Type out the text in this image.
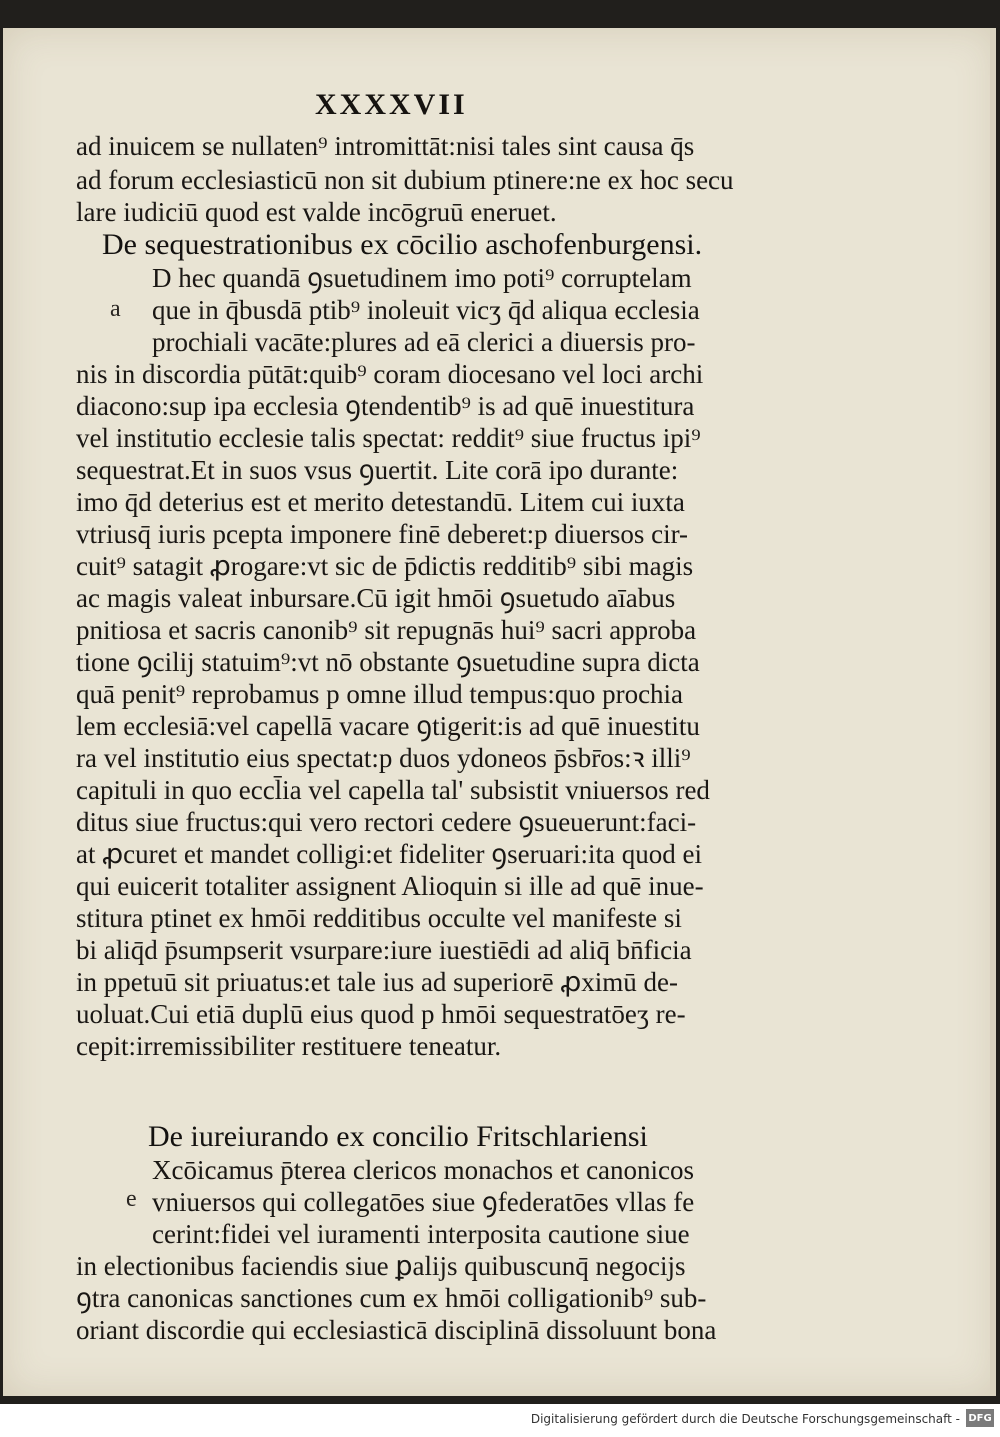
XXXXVII
ad inuicem se nullaten⁹ intromittāt:nisi tales sint causa q̄s
ad forum ecclesiasticū non sit dubium ptinere:ne ex hoc secu
lare iudiciū quod est valde incōgruū eneruet.
De sequestrationibus ex cōcilio aschofenburgensi.
a
D hec quandā ꝯsuetudinem imo poti⁹ corruptelam
que in q̄busdā ptib⁹ inoleuit vicʒ q̄d aliqua ecclesia
prochiali vacāte:plures ad eā clerici a diuersis pro-
nis in discordia pūtāt:quib⁹ coram diocesano vel loci archi
diacono:sup ipa ecclesia ꝯtendentib⁹ is ad quē inuestitura
vel institutio ecclesie talis spectat: reddit⁹ siue fructus ipi⁹
sequestrat.Et in suos vsus ꝯuertit. Lite corā ipo durante:
imo q̄d deterius est et merito detestandū. Litem cui iuxta
vtriusq̄ iuris pcepta imponere finē deberet:p diuersos cir-
cuit⁹ satagit ꝓrogare:vt sic de p̄dictis redditib⁹ sibi magis
ac magis valeat inbursare.Cū igit hmōi ꝯsuetudo aīabus
pnitiosa et sacris canonib⁹ sit repugnās hui⁹ sacri approba
tione ꝯcilij statuim⁹:vt nō obstante ꝯsuetudine supra dicta
quā penit⁹ reprobamus p omne illud tempus:quo prochia
lem ecclesiā:vel capellā vacare ꝯtigerit:is ad quē inuestitu
ra vel institutio eius spectat:p duos ydoneos p̄sbr̄os:ꝛ illi⁹
capituli in quo eccl̄ia vel capella tal' subsistit vniuersos red
ditus siue fructus:qui vero rectori cedere ꝯsueuerunt:faci-
at ꝓcuret et mandet colligi:et fideliter ꝯseruari:ita quod ei
qui euicerit totaliter assignent Alioquin si ille ad quē inue-
stitura ptinet ex hmōi redditibus occulte vel manifeste si
bi aliq̄d p̄sumpserit vsurpare:iure iuestiēdi ad aliq̄ bn̄ficia
in ppetuū sit priuatus:et tale ius ad superiorē ꝓximū de-
uoluat.Cui etiā duplū eius quod p hmōi sequestratōeʒ re-
cepit:irremissibiliter restituere teneatur.
De iureiurando ex concilio Fritschlariensi
e
Xcōicamus p̄terea clericos monachos et canonicos
vniuersos qui collegatōes siue ꝯfederatōes vllas fe
cerint:fidei vel iuramenti interposita cautione siue
in electionibus faciendis siue ꝑalijs quibuscunq̄ negocijs
ꝯtra canonicas sanctiones cum ex hmōi colligationib⁹ sub-
oriant discordie qui ecclesiasticā disciplinā dissoluunt bona
Digitalisierung gefördert durch die Deutsche Forschungsgemeinschaft - DFG
